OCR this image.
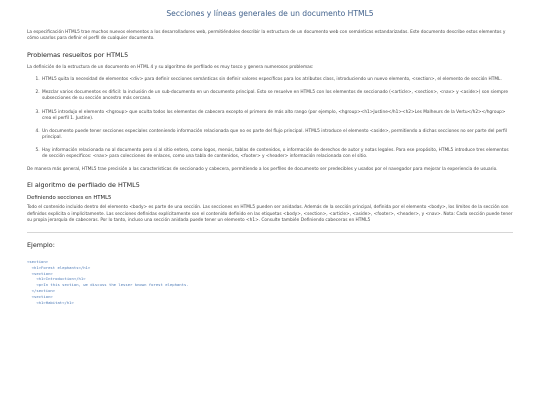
Secciones y líneas generales de un documento HTML5

La especificación HTML5 trae muchos nuevos elementos a los desarrolladores web, permitiéndoles describir la estructura de un documento web con semánticas estandarizadas. Este documento describe estos elementos y cómo usarlos para definir el perfil de cualquier documento.

Problemas resueltos por HTML5

La definición de la estructura de un documento en HTML 4 y su algoritmo de perfilado es muy tosco y genera numerosos problemas:

1. HTML5 quita la necesidad de elementos <div> para definir secciones semánticas sin definir valores específicos para los atributos class, introduciendo un nuevo elemento, <section>, el elemento de sección HTML.
2. Mezclar varios documentos es difícil: la inclusión de un sub-documento en un documento principal. Esto se resuelve en HTML5 con los elementos de seccionado (<article>, <section>, <nav> y <aside>) son siempre subsecciones de su sección ancestro más cercana.
3. HTML5 introdujo el elemento <hgroup> que oculta todos los elementos de cabecera excepto el primero de más alto rango (por ejemplo, <hgroup><h1>Justine</h1><h2>Les Malheurs de la Vertu</h2></hgroup> crea el perfil 1. Justine).
4. Un documento puede tener secciones especiales conteniendo información relacionada que no es parte del flujo principal. HTML5 introduce el elemento <aside>, permitiendo a dichas secciones no ser parte del perfil principal.
5. Hay información relacionada no al documento pero sí al sitio entero, como logos, menús, tablas de contenidos, o información de derechos de autor y notas legales. Para ese propósito, HTML5 introduce tres elementos de sección específicos: <nav> para colecciones de enlaces, como una tabla de contenidos, <footer> y <header> información relacionada con el sitio.

De manera más general, HTML5 trae precisión a las características de seccionado y cabecera, permitiendo a los perfiles de documento ser predecibles y usados por el navegador para mejorar la experiencia de usuario.

El algoritmo de perfilado de HTML5
Definiendo secciones en HTML5

Todo el contenido incluido dentro del elemento <body> es parte de una sección. Las secciones en HTML5 pueden ser anidadas. Además de la sección principal, definida por el elemento <body>, los límites de la sección son definidos explícita o implícitamente. Las secciones definidas explícitamente son el contenido definido en las etiquetas <body>, <section>, <article>, <aside>, <footer>, <header>, y <nav>. Nota: Cada sección puede tener su propia jerarquía de cabeceras. Por lo tanto, incluso una sección anidada puede tener un elemento <h1>. Consulte también Definiendo cabeceras en HTML5

Ejemplo:
<section>
<h1>Forest elephants</h1>
<section>
<h1>Introduction</h1>
<p>In this section, we discuss the lesser known forest elephants.
</section>
<section>
<h1>Habitat</h1>
